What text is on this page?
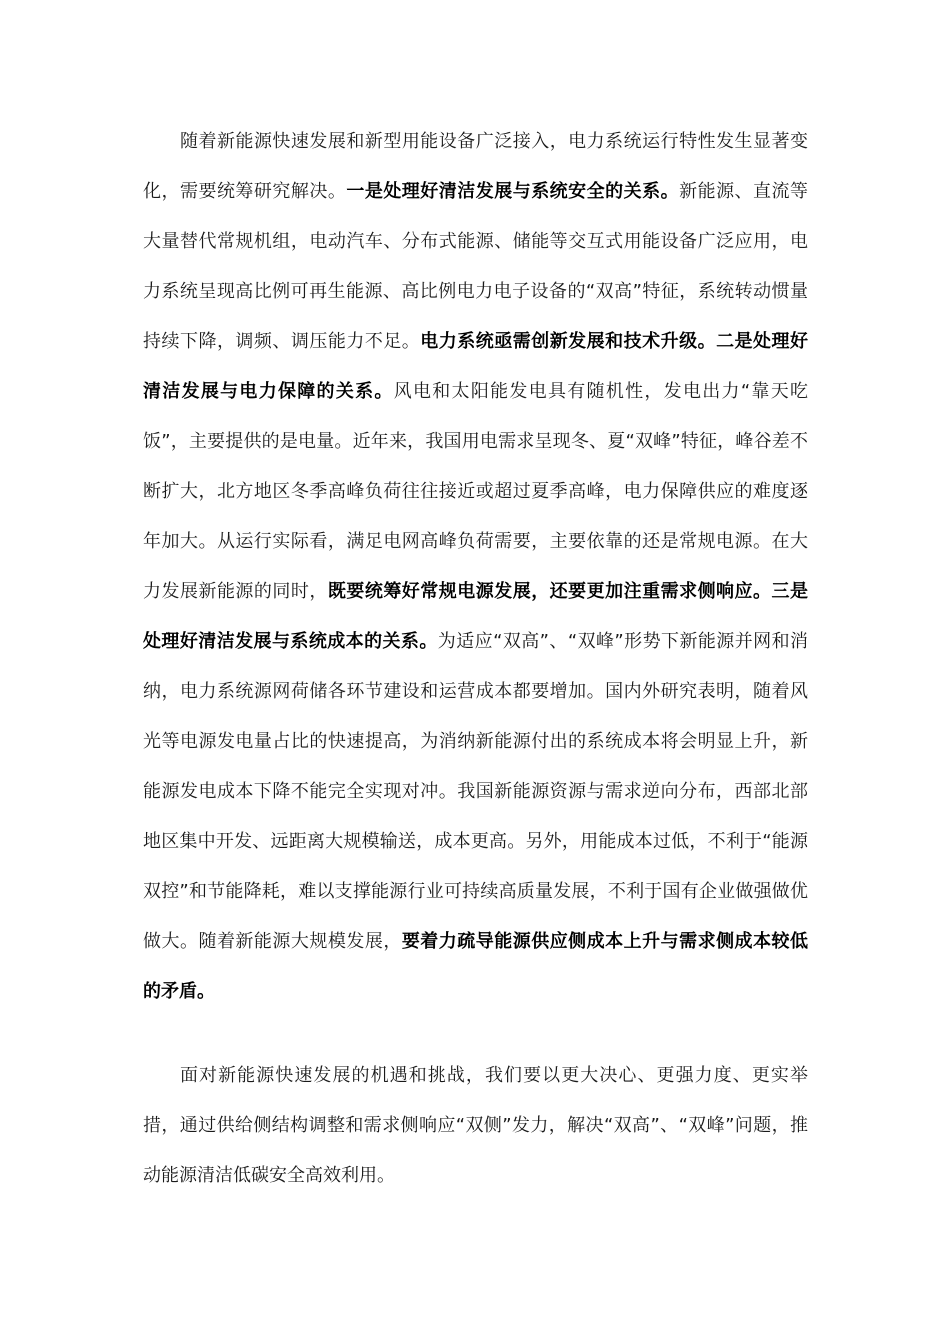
随着新能源快速发展和新型用能设备广泛接入，电力系统运行特性发生显著变化，需要统筹研究解决。一是处理好清洁发展与系统安全的关系。新能源、直流等大量替代常规机组，电动汽车、分布式能源、储能等交互式用能设备广泛应用，电力系统呈现高比例可再生能源、高比例电力电子设备的“双高”特征，系统转动惯量持续下降，调频、调压能力不足。电力系统亟需创新发展和技术升级。二是处理好清洁发展与电力保障的关系。风电和太阳能发电具有随机性，发电出力“靠天吃饭”，主要提供的是电量。近年来，我国用电需求呈现冬、夏“双峰”特征，峰谷差不断扩大，北方地区冬季高峰负荷往往接近或超过夏季高峰，电力保障供应的难度逐年加大。从运行实际看，满足电网高峰负荷需要，主要依靠的还是常规电源。在大力发展新能源的同时，既要统筹好常规电源发展，还要更加注重需求侧响应。三是处理好清洁发展与系统成本的关系。为适应“双高”、“双峰”形势下新能源并网和消纳，电力系统源网荷储各环节建设和运营成本都要增加。国内外研究表明，随着风光等电源发电量占比的快速提高，为消纳新能源付出的系统成本将会明显上升，新能源发电成本下降不能完全实现对冲。我国新能源资源与需求逆向分布，西部北部地区集中开发、远距离大规模输送，成本更高。另外，用能成本过低，不利于“能源双控”和节能降耗，难以支撑能源行业可持续高质量发展，不利于国有企业做强做优做大。随着新能源大规模发展，要着力疏导能源供应侧成本上升与需求侧成本较低的矛盾。

面对新能源快速发展的机遇和挑战，我们要以更大决心、更强力度、更实举措，通过供给侧结构调整和需求侧响应“双侧”发力，解决“双高”、“双峰”问题，推动能源清洁低碳安全高效利用。
